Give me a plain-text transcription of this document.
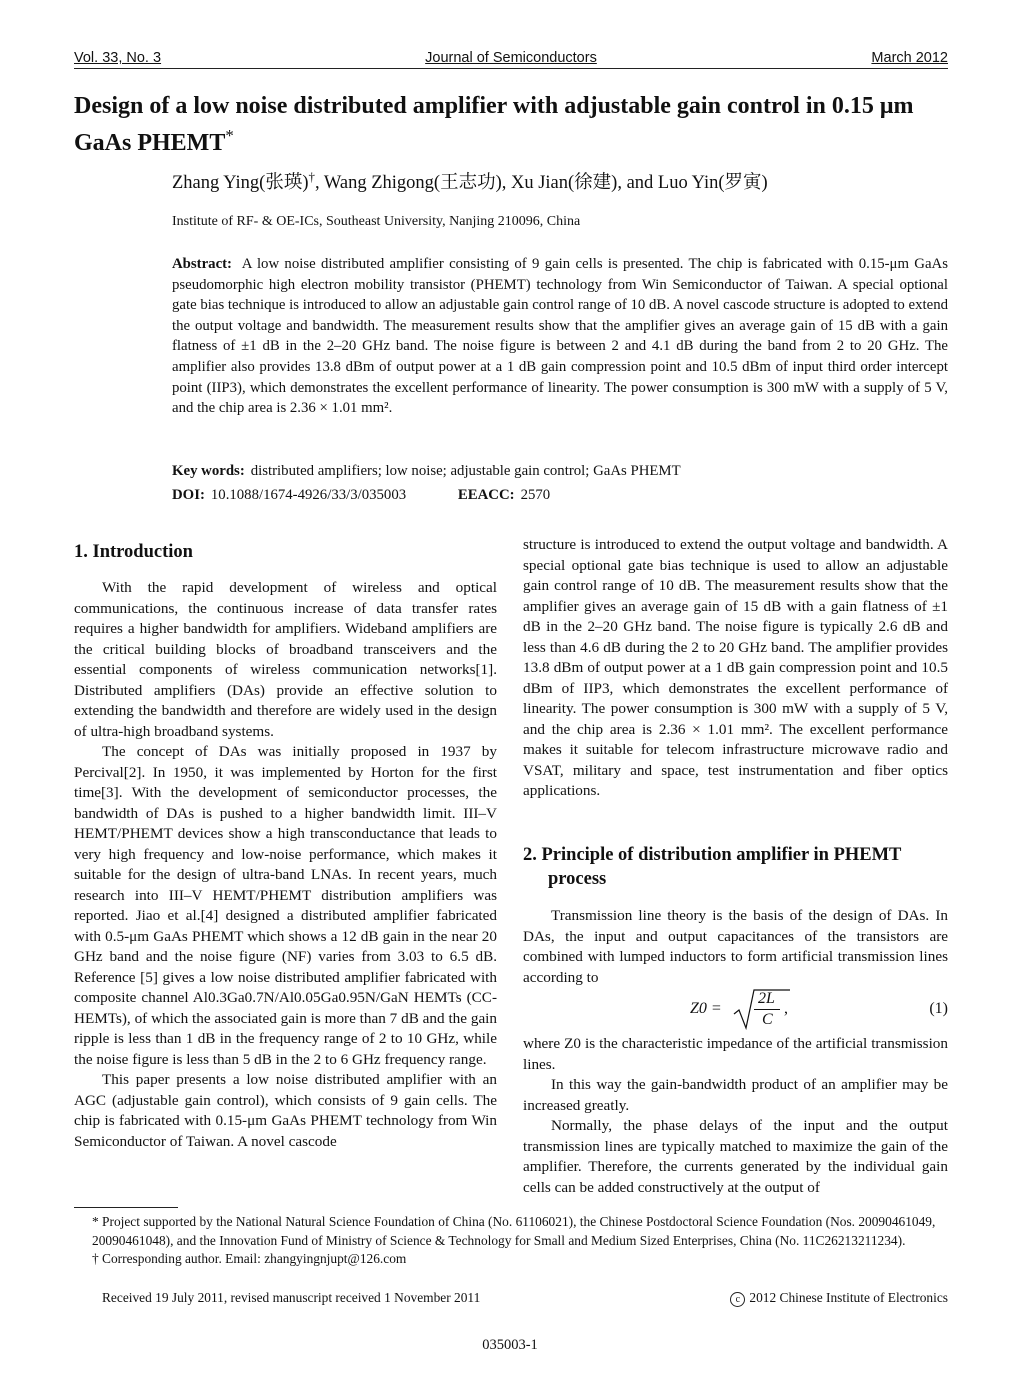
Vol. 33, No. 3	Journal of Semiconductors	March 2012
Design of a low noise distributed amplifier with adjustable gain control in 0.15 μm
GaAs PHEMT*
Zhang Ying(张瑛)†, Wang Zhigong(王志功), Xu Jian(徐建), and Luo Yin(罗寅)
Institute of RF- & OE-ICs, Southeast University, Nanjing 210096, China
Abstract: A low noise distributed amplifier consisting of 9 gain cells is presented. The chip is fabricated with 0.15-μm GaAs pseudomorphic high electron mobility transistor (PHEMT) technology from Win Semiconductor of Taiwan. A special optional gate bias technique is introduced to allow an adjustable gain control range of 10 dB. A novel cascode structure is adopted to extend the output voltage and bandwidth. The measurement results show that the amplifier gives an average gain of 15 dB with a gain flatness of ±1 dB in the 2–20 GHz band. The noise figure is between 2 and 4.1 dB during the band from 2 to 20 GHz. The amplifier also provides 13.8 dBm of output power at a 1 dB gain compression point and 10.5 dBm of input third order intercept point (IIP3), which demonstrates the excellent performance of linearity. The power consumption is 300 mW with a supply of 5 V, and the chip area is 2.36 × 1.01 mm².
Key words: distributed amplifiers; low noise; adjustable gain control; GaAs PHEMT
DOI: 10.1088/1674-4926/33/3/035003	EEACC: 2570
1. Introduction

With the rapid development of wireless and optical communications, the continuous increase of data transfer rates requires a higher bandwidth for amplifiers. Wideband amplifiers are the critical building blocks of broadband transceivers and the essential components of wireless communication networks[1]. Distributed amplifiers (DAs) provide an effective solution to extending the bandwidth and therefore are widely used in the design of ultra-high broadband systems.

The concept of DAs was initially proposed in 1937 by Percival[2]. In 1950, it was implemented by Horton for the first time[3]. With the development of semiconductor processes, the bandwidth of DAs is pushed to a higher bandwidth limit. III–V HEMT/PHEMT devices show a high transconductance that leads to very high frequency and low-noise performance, which makes it suitable for the design of ultra-band LNAs. In recent years, much research into III–V HEMT/PHEMT distribution amplifiers was reported. Jiao et al.[4] designed a distributed amplifier fabricated with 0.5-μm GaAs PHEMT which shows a 12 dB gain in the near 20 GHz band and the noise figure (NF) varies from 3.03 to 6.5 dB. Reference [5] gives a low noise distributed amplifier fabricated with composite channel Al0.3Ga0.7N/Al0.05Ga0.95N/GaN HEMTs (CC-HEMTs), of which the associated gain is more than 7 dB and the gain ripple is less than 1 dB in the frequency range of 2 to 10 GHz, while the noise figure is less than 5 dB in the 2 to 6 GHz frequency range.

This paper presents a low noise distributed amplifier with an AGC (adjustable gain control), which consists of 9 gain cells. The chip is fabricated with 0.15-μm GaAs PHEMT technology from Win Semiconductor of Taiwan. A novel cascode

structure is introduced to extend the output voltage and bandwidth. A special optional gate bias technique is used to allow an adjustable gain control range of 10 dB. The measurement results show that the amplifier gives an average gain of 15 dB with a gain flatness of ±1 dB in the 2–20 GHz band. The noise figure is typically 2.6 dB and less than 4.6 dB during the 2 to 20 GHz band. The amplifier provides 13.8 dBm of output power at a 1 dB gain compression point and 10.5 dBm of IIP3, which demonstrates the excellent performance of linearity. The power consumption is 300 mW with a supply of 5 V, and the chip area is 2.36 × 1.01 mm². The excellent performance makes it suitable for telecom infrastructure microwave radio and VSAT, military and space, test instrumentation and fiber optics applications.

2. Principle of distribution amplifier in PHEMT
process

Transmission line theory is the basis of the design of DAs. In DAs, the input and output capacitances of the transistors are combined with lumped inductors to form artificial transmission lines according to

Z0 =
2L
C
,	(1)

where Z0 is the characteristic impedance of the artificial transmission lines.

In this way the gain-bandwidth product of an amplifier may be increased greatly.

Normally, the phase delays of the input and the output transmission lines are typically matched to maximize the gain of the amplifier. Therefore, the currents generated by the individual gain cells can be added constructively at the output of

* Project supported by the National Natural Science Foundation of China (No. 61106021), the Chinese Postdoctoral Science Foundation (Nos. 20090461049, 20090461048), and the Innovation Fund of Ministry of Science & Technology for Small and Medium Sized Enterprises, China (No. 11C26213211234).

† Corresponding author. Email: zhangyingnjupt@126.com

Received 19 July 2011, revised manuscript received 1 November 2011	c 2012 Chinese Institute of Electronics
035003-1
